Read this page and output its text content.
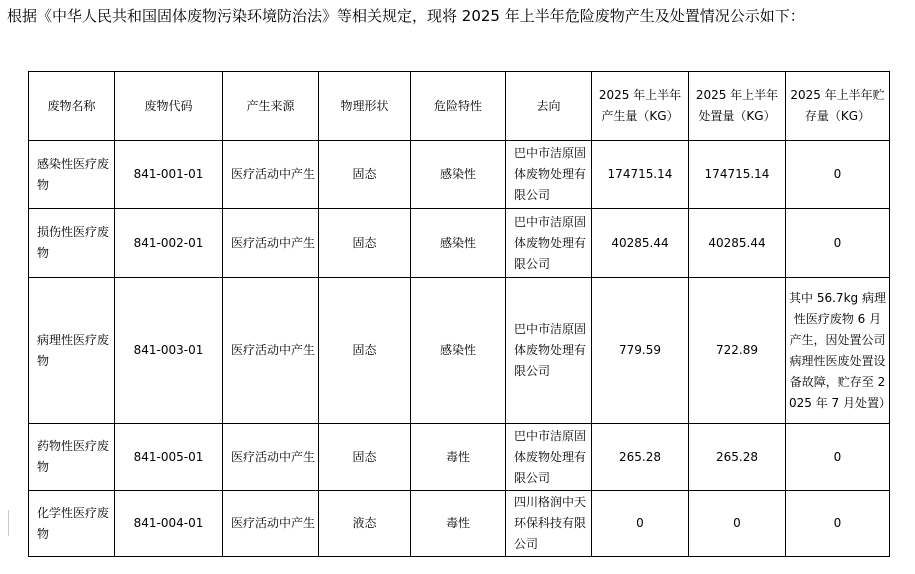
根据《中华人民共和国固体废物污染环境防治法》等相关规定，现将 2025 年上半年危险废物产生及处置情况公示如下：
废物名称	废物代码	产生来源	物理形状	危险特性	去向	2025 年上半年产生量（KG）	2025 年上半年处置量（KG）	2025 年上半年贮存量（KG）
感染性医疗废物	841-001-01	医疗活动中产生	固态	感染性	巴中市洁原固体废物处理有限公司	174715.14	174715.14	0
损伤性医疗废物	841-002-01	医疗活动中产生	固态	感染性	巴中市洁原固体废物处理有限公司	40285.44	40285.44	0
病理性医疗废物	841-003-01	医疗活动中产生	固态	感染性	巴中市洁原固体废物处理有限公司	779.59	722.89	其中 56.7kg 病理性医疗废物 6 月产生，因处置公司病理性医废处置设备故障，贮存至 2025 年 7 月处置）
药物性医疗废物	841-005-01	医疗活动中产生	固态	毒性	巴中市洁原固体废物处理有限公司	265.28	265.28	0
化学性医疗废物	841-004-01	医疗活动中产生	液态	毒性	四川格润中天环保科技有限公司	0	0	0
